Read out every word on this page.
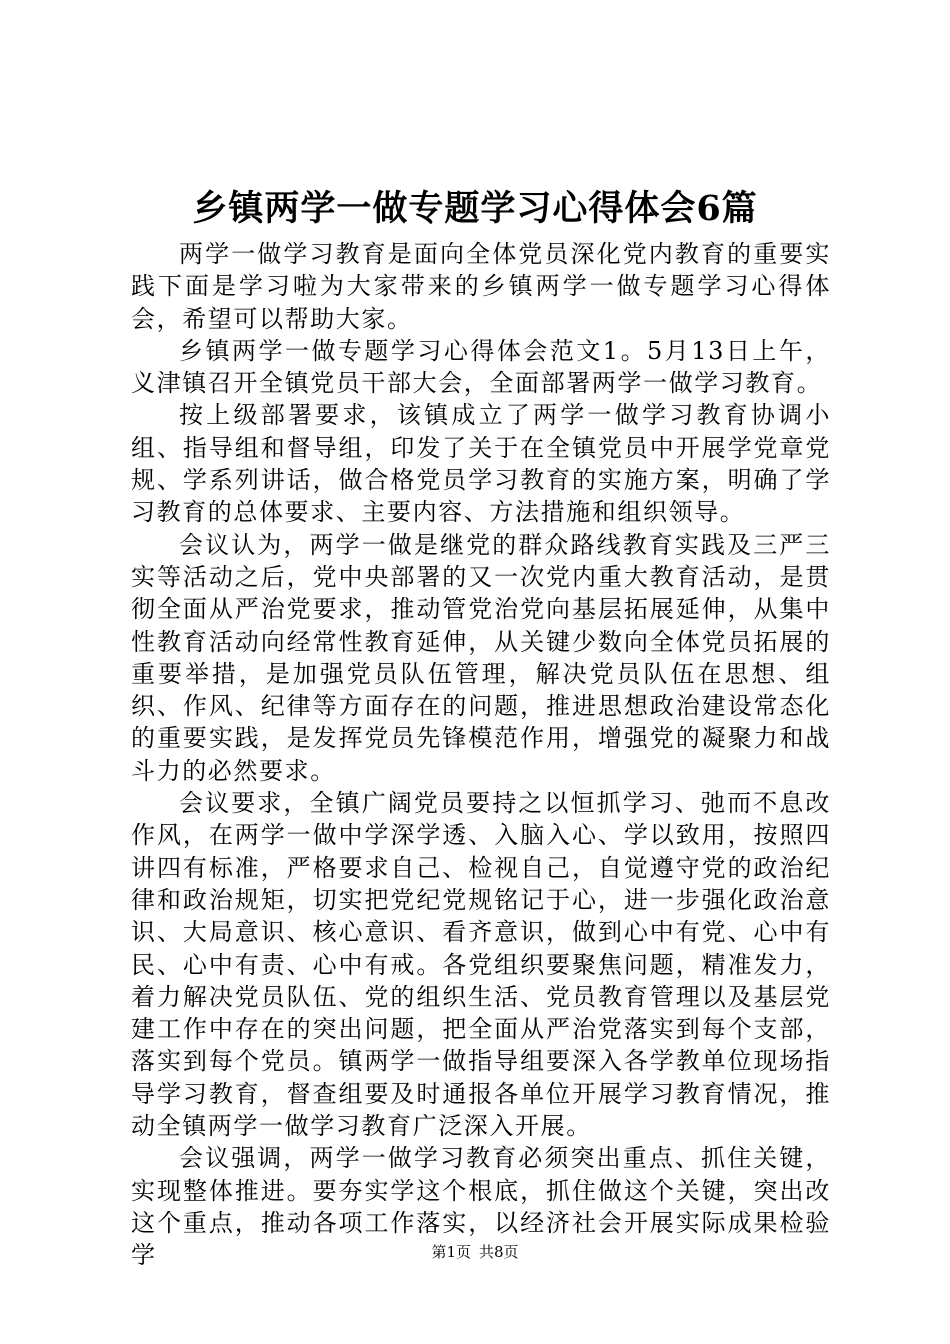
乡镇两学一做专题学习心得体会6篇

两学一做学习教育是面向全体党员深化党内教育的重要实践下面是学习啦为大家带来的乡镇两学一做专题学习心得体会，希望可以帮助大家。

乡镇两学一做专题学习心得体会范文1。5月13日上午，义津镇召开全镇党员干部大会，全面部署两学一做学习教育。

按上级部署要求，该镇成立了两学一做学习教育协调小组、指导组和督导组，印发了关于在全镇党员中开展学党章党规、学系列讲话，做合格党员学习教育的实施方案，明确了学习教育的总体要求、主要内容、方法措施和组织领导。

会议认为，两学一做是继党的群众路线教育实践及三严三实等活动之后，党中央部署的又一次党内重大教育活动，是贯彻全面从严治党要求，推动管党治党向基层拓展延伸，从集中性教育活动向经常性教育延伸，从关键少数向全体党员拓展的重要举措，是加强党员队伍管理，解决党员队伍在思想、组织、作风、纪律等方面存在的问题，推进思想政治建设常态化的重要实践，是发挥党员先锋模范作用，增强党的凝聚力和战斗力的必然要求。

会议要求，全镇广阔党员要持之以恒抓学习、弛而不息改作风，在两学一做中学深学透、入脑入心、学以致用，按照四讲四有标准，严格要求自己、检视自己，自觉遵守党的政治纪律和政治规矩，切实把党纪党规铭记于心，进一步强化政治意识、大局意识、核心意识、看齐意识，做到心中有党、心中有民、心中有责、心中有戒。各党组织要聚焦问题，精准发力，着力解决党员队伍、党的组织生活、党员教育管理以及基层党建工作中存在的突出问题，把全面从严治党落实到每个支部，落实到每个党员。镇两学一做指导组要深入各学教单位现场指导学习教育，督查组要及时通报各单位开展学习教育情况，推动全镇两学一做学习教育广泛深入开展。

会议强调，两学一做学习教育必须突出重点、抓住关键，实现整体推进。要夯实学这个根底，抓住做这个关键，突出改这个重点，推动各项工作落实，以经济社会开展实际成果检验学	第1页 共8页
